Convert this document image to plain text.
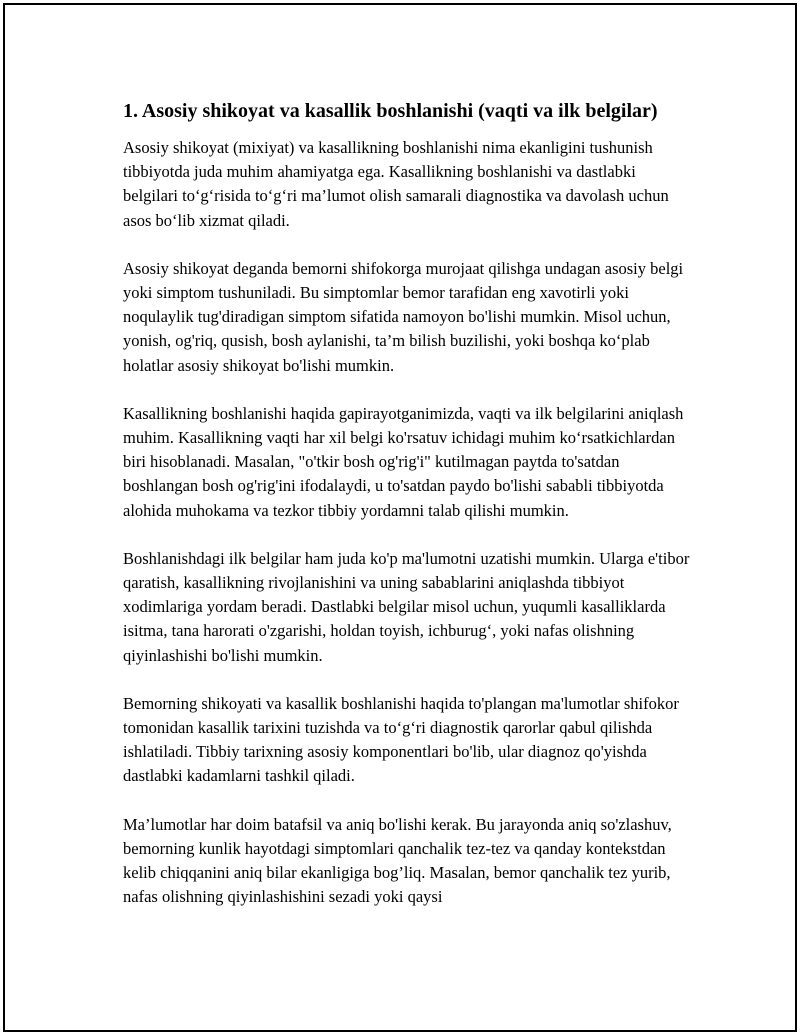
1. Asosiy shikoyat va kasallik boshlanishi (vaqti va ilk belgilar)

Asosiy shikoyat (mixiyat) va kasallikning boshlanishi nima ekanligini tushunish tibbiyotda juda muhim ahamiyatga ega. Kasallikning boshlanishi va dastlabki belgilari to‘g‘risida to‘g‘ri ma’lumot olish samarali diagnostika va davolash uchun asos bo‘lib xizmat qiladi.

Asosiy shikoyat deganda bemorni shifokorga murojaat qilishga undagan asosiy belgi yoki simptom tushuniladi. Bu simptomlar bemor tarafidan eng xavotirli yoki noqulaylik tug'diradigan simptom sifatida namoyon bo'lishi mumkin. Misol uchun, yonish, og'riq, qusish, bosh aylanishi, ta’m bilish buzilishi, yoki boshqa ko‘plab holatlar asosiy shikoyat bo'lishi mumkin.

Kasallikning boshlanishi haqida gapirayotganimizda, vaqti va ilk belgilarini aniqlash muhim. Kasallikning vaqti har xil belgi ko'rsatuv ichidagi muhim ko‘rsatkichlardan biri hisoblanadi. Masalan, "o'tkir bosh og'rig'i" kutilmagan paytda to'satdan boshlangan bosh og'rig'ini ifodalaydi, u to'satdan paydo bo'lishi sababli tibbiyotda alohida muhokama va tezkor tibbiy yordamni talab qilishi mumkin.

Boshlanishdagi ilk belgilar ham juda ko'p ma'lumotni uzatishi mumkin. Ularga e'tibor qaratish, kasallikning rivojlanishini va uning sabablarini aniqlashda tibbiyot xodimlariga yordam beradi. Dastlabki belgilar misol uchun, yuqumli kasalliklarda isitma, tana harorati o'zgarishi, holdan toyish, ichburug‘, yoki nafas olishning qiyinlashishi bo'lishi mumkin.

Bemorning shikoyati va kasallik boshlanishi haqida to'plangan ma'lumotlar shifokor tomonidan kasallik tarixini tuzishda va to‘g‘ri diagnostik qarorlar qabul qilishda ishlatiladi. Tibbiy tarixning asosiy komponentlari bo'lib, ular diagnoz qo'yishda dastlabki kadamlarni tashkil qiladi.

Ma’lumotlar har doim batafsil va aniq bo'lishi kerak. Bu jarayonda aniq so'zlashuv, bemorning kunlik hayotdagi simptomlari qanchalik tez-tez va qanday kontekstdan kelib chiqqanini aniq bilar ekanligiga bog’liq. Masalan, bemor qanchalik tez yurib, nafas olishning qiyinlashishini sezadi yoki qaysi
